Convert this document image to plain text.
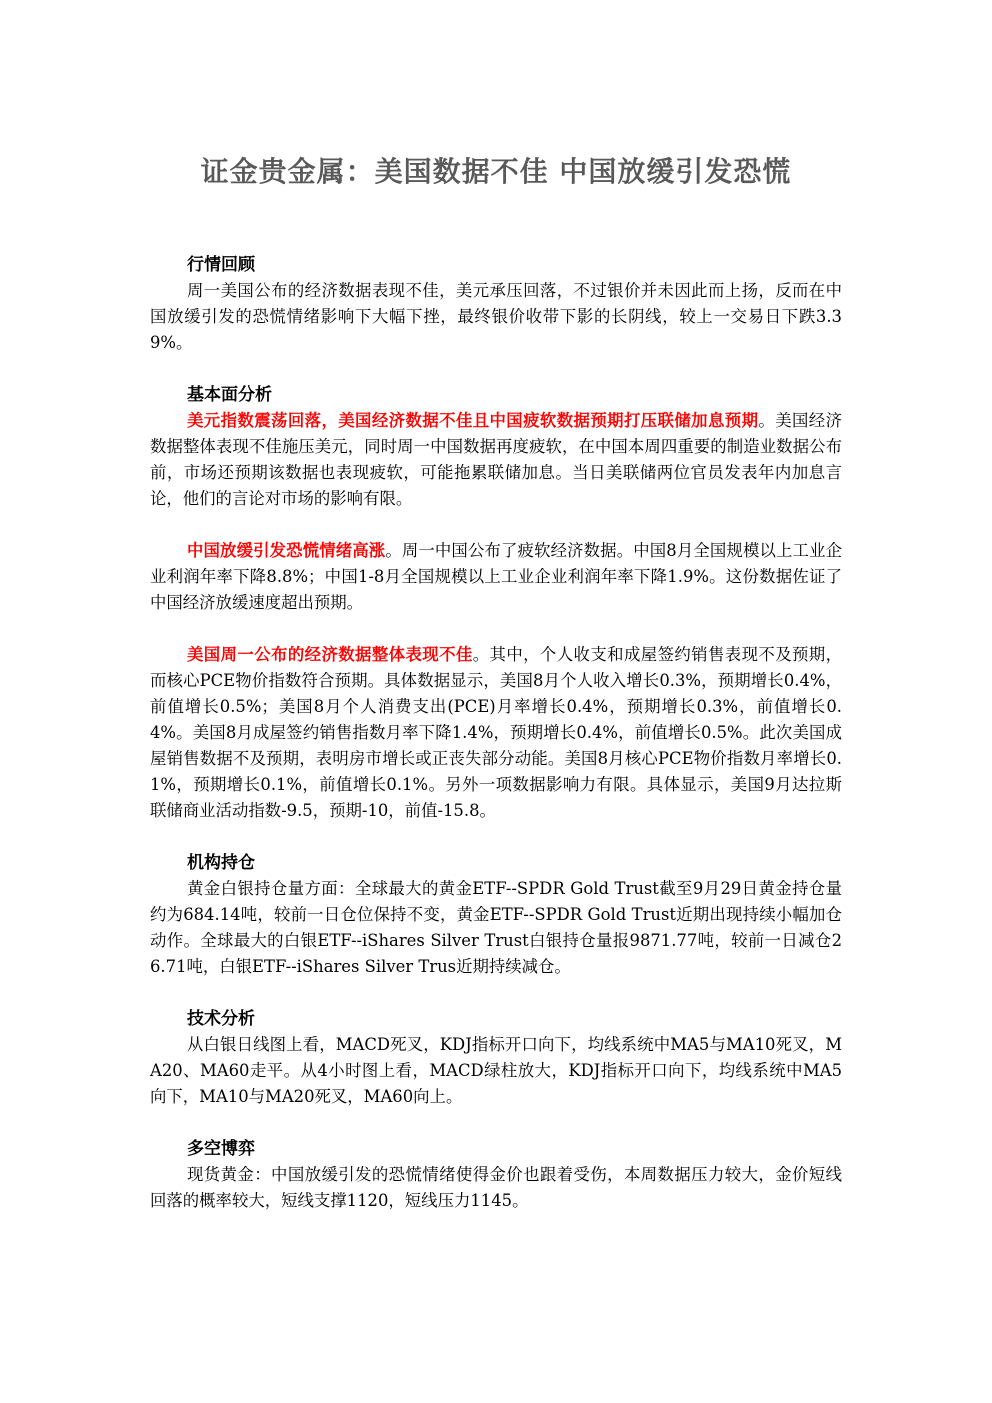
证金贵金属：美国数据不佳 中国放缓引发恐慌
行情回顾

周一美国公布的经济数据表现不佳，美元承压回落，不过银价并未因此而上扬，反而在中国放缓引发的恐慌情绪影响下大幅下挫，最终银价收带下影的长阴线，较上一交易日下跌3.39%。

基本面分析

美元指数震荡回落，美国经济数据不佳且中国疲软数据预期打压联储加息预期。美国经济数据整体表现不佳施压美元，同时周一中国数据再度疲软，在中国本周四重要的制造业数据公布前，市场还预期该数据也表现疲软，可能拖累联储加息。当日美联储两位官员发表年内加息言论，他们的言论对市场的影响有限。

中国放缓引发恐慌情绪高涨。周一中国公布了疲软经济数据。中国8月全国规模以上工业企业利润年率下降8.8%；中国1-8月全国规模以上工业企业利润年率下降1.9%。这份数据佐证了中国经济放缓速度超出预期。

美国周一公布的经济数据整体表现不佳。其中，个人收支和成屋签约销售表现不及预期，而核心PCE物价指数符合预期。具体数据显示，美国8月个人收入增长0.3%，预期增长0.4%，前值增长0.5%；美国8月个人消费支出(PCE)月率增长0.4%，预期增长0.3%，前值增长0.4%。美国8月成屋签约销售指数月率下降1.4%，预期增长0.4%，前值增长0.5%。此次美国成屋销售数据不及预期，表明房市增长或正丧失部分动能。美国8月核心PCE物价指数月率增长0.1%，预期增长0.1%，前值增长0.1%。另外一项数据影响力有限。具体显示，美国9月达拉斯联储商业活动指数-9.5，预期-10，前值-15.8。

机构持仓

黄金白银持仓量方面：全球最大的黄金ETF--SPDR Gold Trust截至9月29日黄金持仓量约为684.14吨，较前一日仓位保持不变，黄金ETF--SPDR Gold Trust近期出现持续小幅加仓动作。全球最大的白银ETF--iShares Silver Trust白银持仓量报9871.77吨，较前一日减仓26.71吨，白银ETF--iShares Silver Trus近期持续减仓。

技术分析

从白银日线图上看，MACD死叉，KDJ指标开口向下，均线系统中MA5与MA10死叉，MA20、MA60走平。从4小时图上看，MACD绿柱放大，KDJ指标开口向下，均线系统中MA5向下，MA10与MA20死叉，MA60向上。

多空博弈

现货黄金：中国放缓引发的恐慌情绪使得金价也跟着受伤，本周数据压力较大，金价短线回落的概率较大，短线支撑1120，短线压力1145。
